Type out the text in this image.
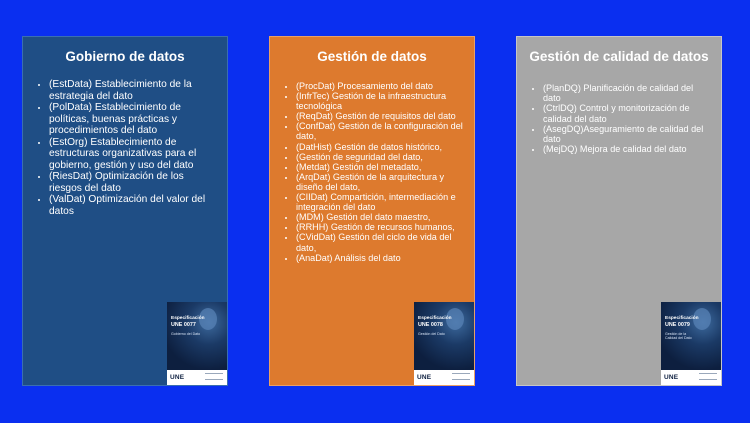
Gobierno de datos
• (EstData) Establecimiento de la estrategia del dato
• (PolData) Establecimiento de políticas, buenas prácticas y procedimientos del dato
• (EstOrg) Establecimiento de estructuras organizativas para el gobierno, gestión y uso del dato
• (RiesDat) Optimización de los riesgos del dato
• (ValDat) Optimización del valor del datos
Especificación
UNE 0077
Gobierno del Dato
UNE
Gestión de datos
• (ProcDat) Procesamiento del dato
• (InfrTec) Gestión de la infraestructura tecnológica
• (ReqDat) Gestión de requisitos del dato
• (ConfDat) Gestión de la configuración del dato,
• (DatHist) Gestión de datos histórico,
• (Gestión de seguridad del dato,
• (Metdat) Gestión del metadato,
• (ArqDat) Gestión de la arquitectura y diseño del dato,
• (CIIDat) Compartición, intermediación e integración del dato
• (MDM) Gestión del dato maestro,
• (RRHH) Gestión de recursos humanos,
• (CVidDat) Gestión del ciclo de vida del dato,
• (AnaDat) Análisis del dato
Especificación
UNE 0078
Gestión del Dato
UNE
Gestión de calidad de datos
• (PlanDQ) Planificación de calidad del dato
• (CtrlDQ) Control y monitorización de calidad del dato
• (AsegDQ)Aseguramiento de calidad del dato
• (MejDQ) Mejora de calidad del dato
Especificación
UNE 0079
Gestión de la Calidad del Dato
UNE
